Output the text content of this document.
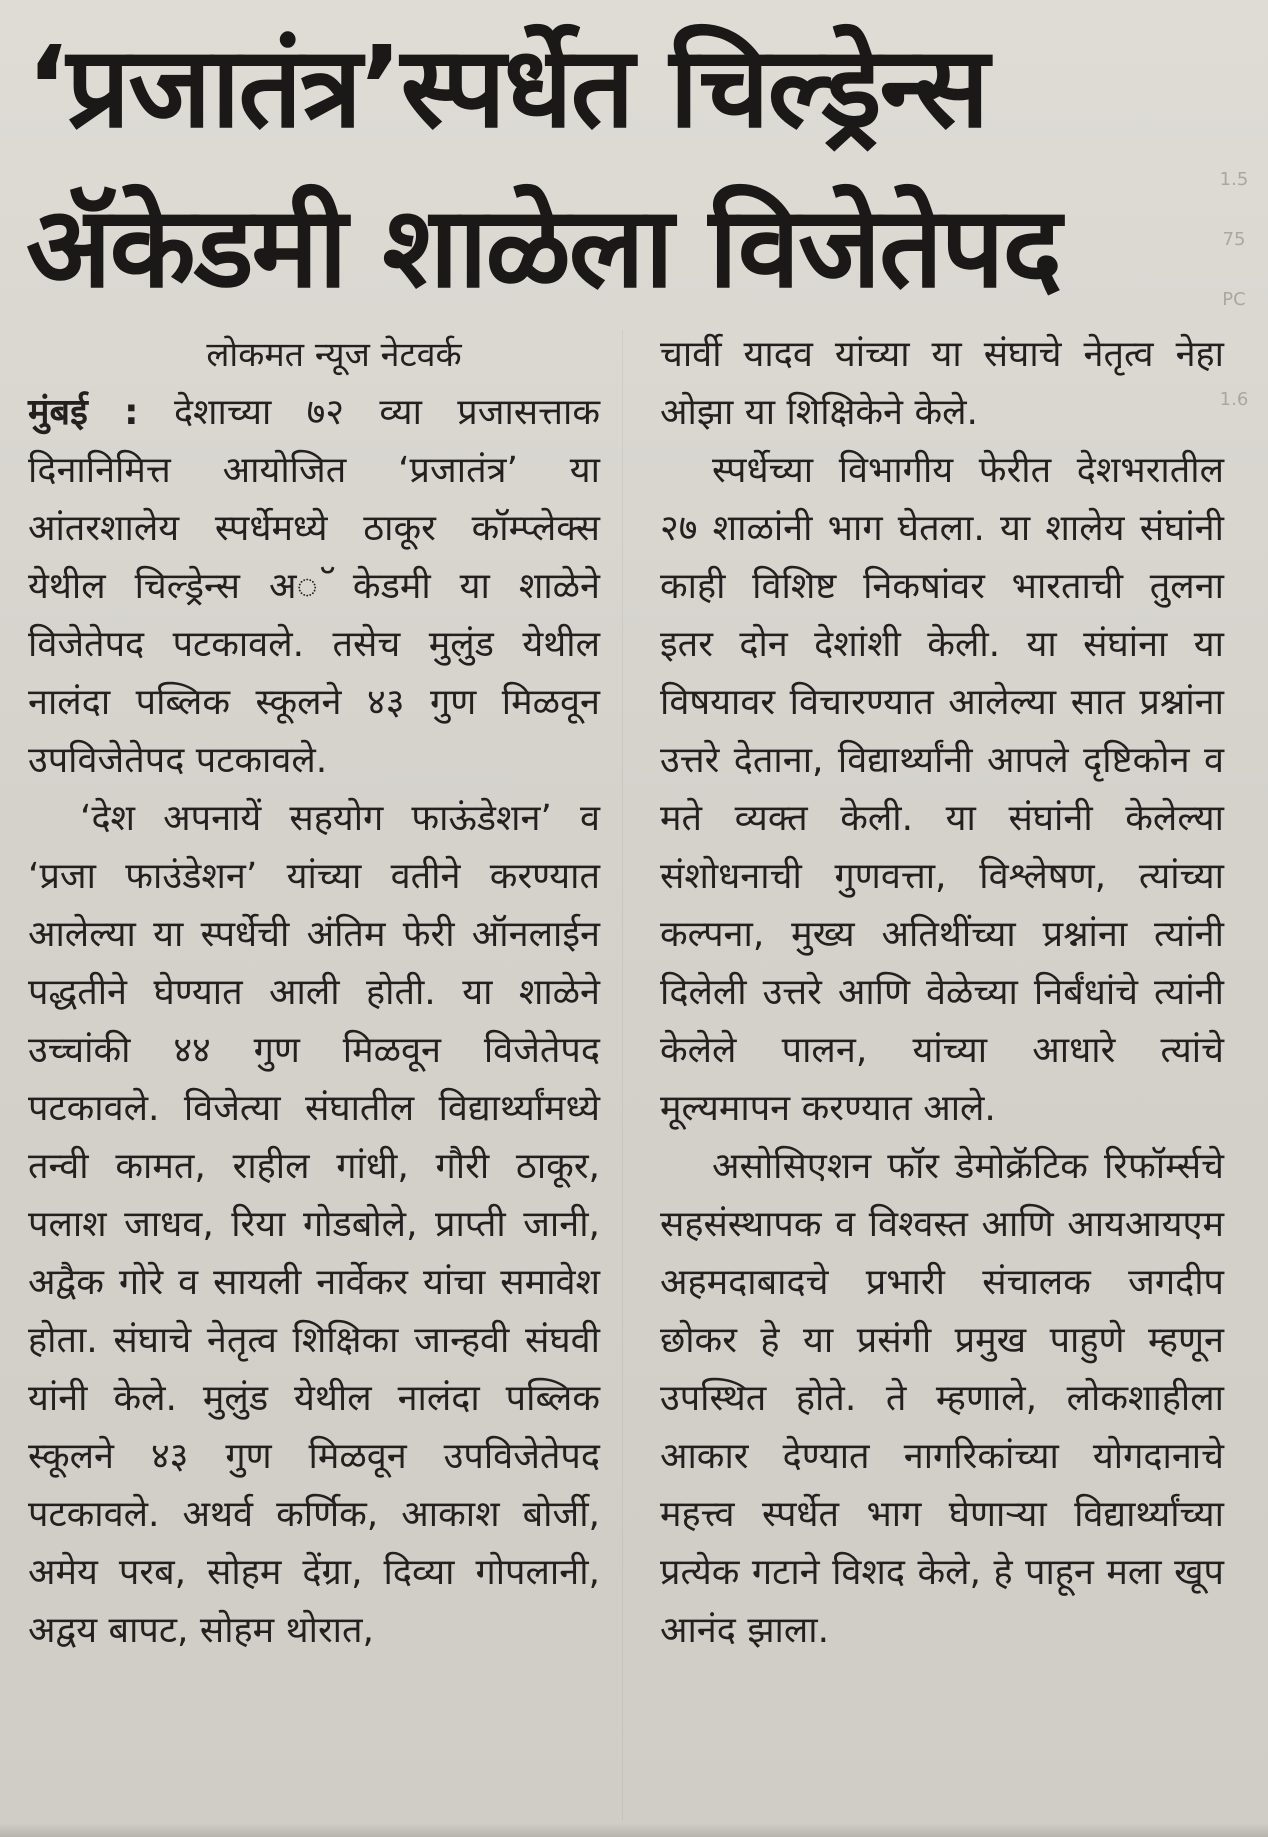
‘प्रजातंत्र’स्पर्धेत चिल्ड्रेन्स
ॲकेडमी शाळेला विजेतेपद
1.5
75
PC
1.6

लोकमत न्यूज नेटवर्क

मुंबई : देशाच्या ७२ व्या प्रजासत्ताक दिनानिमित्त आयोजित ‘प्रजातंत्र’ या आंतरशालेय स्पर्धेमध्ये ठाकूर कॉम्प्लेक्स येथील चिल्ड्रेन्स अ◌ॅकेडमी या शाळेने विजेतेपद पटकावले. तसेच मुलुंड येथील नालंदा पब्लिक स्कूलने ४३ गुण मिळवून उपविजेतेपद पटकावले.

‘देश अपनायें सहयोग फाऊंडेशन’ व ‘प्रजा फाउंडेशन’ यांच्या वतीने करण्यात आलेल्या या स्पर्धेची अंतिम फेरी ऑनलाईन पद्धतीने घेण्यात आली होती. या शाळेने उच्चांकी ४४ गुण मिळवून विजेतेपद पटकावले. विजेत्या संघातील विद्यार्थ्यांमध्ये तन्वी कामत, राहील गांधी, गौरी ठाकूर, पलाश जाधव, रिया गोडबोले, प्राप्ती जानी, अद्वैक गोरे व सायली नार्वेकर यांचा समावेश होता. संघाचे नेतृत्व शिक्षिका जान्हवी संघवी यांनी केले. मुलुंड येथील नालंदा पब्लिक स्कूलने ४३ गुण मिळवून उपविजेतेपद पटकावले. अथर्व कर्णिक, आकाश बोर्जी, अमेय परब, सोहम देंग्रा, दिव्या गोपलानी, अद्वय बापट, सोहम थोरात,

चार्वी यादव यांच्या या संघाचे नेतृत्व नेहा ओझा या शिक्षिकेने केले.

स्पर्धेच्या विभागीय फेरीत देशभरातील २७ शाळांनी भाग घेतला. या शालेय संघांनी काही विशिष्ट निकषांवर भारताची तुलना इतर दोन देशांशी केली. या संघांना या विषयावर विचारण्यात आलेल्या सात प्रश्नांना उत्तरे देताना, विद्यार्थ्यांनी आपले दृष्टिकोन व मते व्यक्त केली. या संघांनी केलेल्या संशोधनाची गुणवत्ता, विश्लेषण, त्यांच्या कल्पना, मुख्य अतिथींच्या प्रश्नांना त्यांनी दिलेली उत्तरे आणि वेळेच्या निर्बंधांचे त्यांनी केलेले पालन, यांच्या आधारे त्यांचे मूल्यमापन करण्यात आले.

असोसिएशन फॉर डेमोक्रॅटिक रिफॉर्म्सचे सहसंस्थापक व विश्वस्त आणि आयआयएम अहमदाबादचे प्रभारी संचालक जगदीप छोकर हे या प्रसंगी प्रमुख पाहुणे म्हणून उपस्थित होते. ते म्हणाले, लोकशाहीला आकार देण्यात नागरिकांच्या योगदानाचे महत्त्व स्पर्धेत भाग घेणाऱ्या विद्यार्थ्यांच्या प्रत्येक गटाने विशद केले, हे पाहून मला खूप आनंद झाला.
